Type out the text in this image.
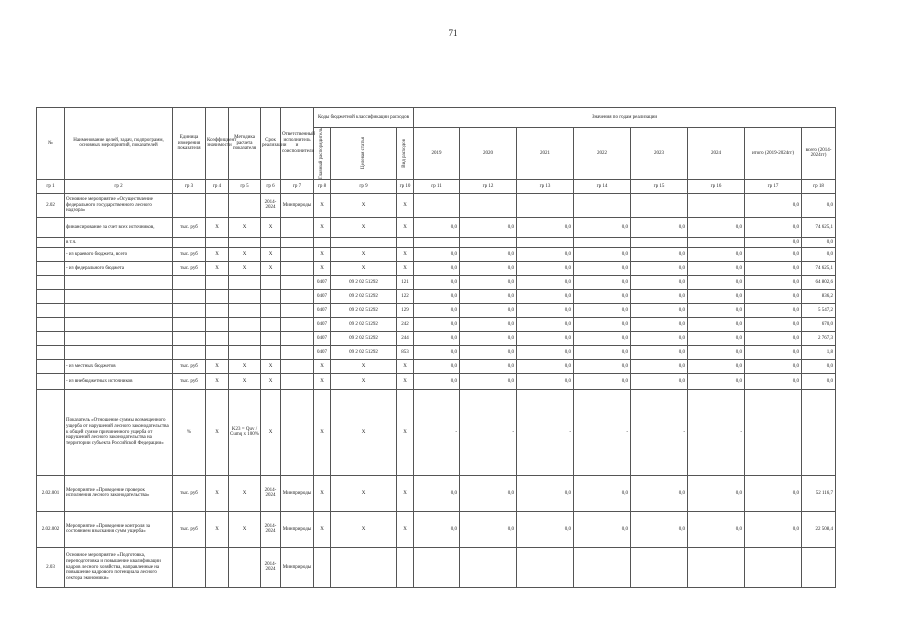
71
№	Наименование целей, задач, подпрограмм, основных мероприятий, показателей	Единица измерения показателя	Коэффициент значимости	Методика расчета показателя	Срок реализации	Ответственный исполнитель и соисполнители	Коды бюджетной классификации расходов			Значения по годам реализации							

							Главный распорядитель	Целевая статья	Вид расходов	2019	2020	2021	2022	2023	2024	итого (2019-2024гг)	всего (2014-2024гг)
гр 1	гр 2	гр 3	гр 4	гр 5	гр 6	гр 7	гр 8	гр 9	гр 10	гр 11	гр 12	гр 13	гр 14	гр 15	гр 16	гр 17	гр 18
2.02	Основное мероприятие «Осуществление федерального государственного лесного надзора»				2014-2024	Минприроды	X	X	X							0,0	0,0
	финансирование за счет всех источников,	тыс. руб	X	X	X		X	X	X	0,0	0,0	0,0	0,0	0,0	0,0	0,0	74 625,1
	в т.ч.															0,0	0,0
	- из краевого бюджета, всего	тыс. руб	X	X	X		X	X	X	0,0	0,0	0,0	0,0	0,0	0,0	0,0	0,0
	- из федерального бюджета	тыс. руб	X	X	X		X	X	X	0,0	0,0	0,0	0,0	0,0	0,0	0,0	74 625,1
							0407	09 2 02 51292	121	0,0	0,0	0,0	0,0	0,0	0,0	0,0	64 802,6
							0407	09 2 02 51292	122	0,0	0,0	0,0	0,0	0,0	0,0	0,0	836,2
							0407	09 2 02 51292	129	0,0	0,0	0,0	0,0	0,0	0,0	0,0	5 547,2
							0407	09 2 02 51292	242	0,0	0,0	0,0	0,0	0,0	0,0	0,0	670,0
							0407	09 2 02 51292	244	0,0	0,0	0,0	0,0	0,0	0,0	0,0	2 767,3
							0407	09 2 02 51292	853	0,0	0,0	0,0	0,0	0,0	0,0	0,0	1,8
	- из местных бюджетов	тыс. руб	X	X	X		X	X	X	0,0	0,0	0,0	0,0	0,0	0,0	0,0	0,0
	- из внебюджетных источников	тыс. руб	X	X	X		X	X	X	0,0	0,0	0,0	0,0	0,0	0,0	0,0	0,0
	Показатель «Отношение суммы возмещенного ущерба от нарушений лесного законодательства к общей сумме причиненного ущерба от нарушений лесного законодательства на территории субъекта Российской Федерации»	%	X	K23 = Quv / Cumq x 100%	X		X	X	X	-	-	-	-	-	-		
2.02.001	Мероприятие «Проведение проверок исполнения лесного законодательства»	тыс. руб	X	X	2014-2024	Минприроды	X	X	X	0,0	0,0	0,0	0,0	0,0	0,0	0,0	52 116,7
2.02.002	Мероприятие «Проведение контроля за состоянием взыскания сумм ущерба»	тыс. руб	X	X	2014-2024	Минприроды	X	X	X	0,0	0,0	0,0	0,0	0,0	0,0	0,0	22 508,4
2.03	Основное мероприятие «Подготовка, переподготовка и повышение квалификации кадров лесного хозяйства, направленные на повышение кадрового потенциала лесного сектора экономики»				2014-2024	Минприроды											
